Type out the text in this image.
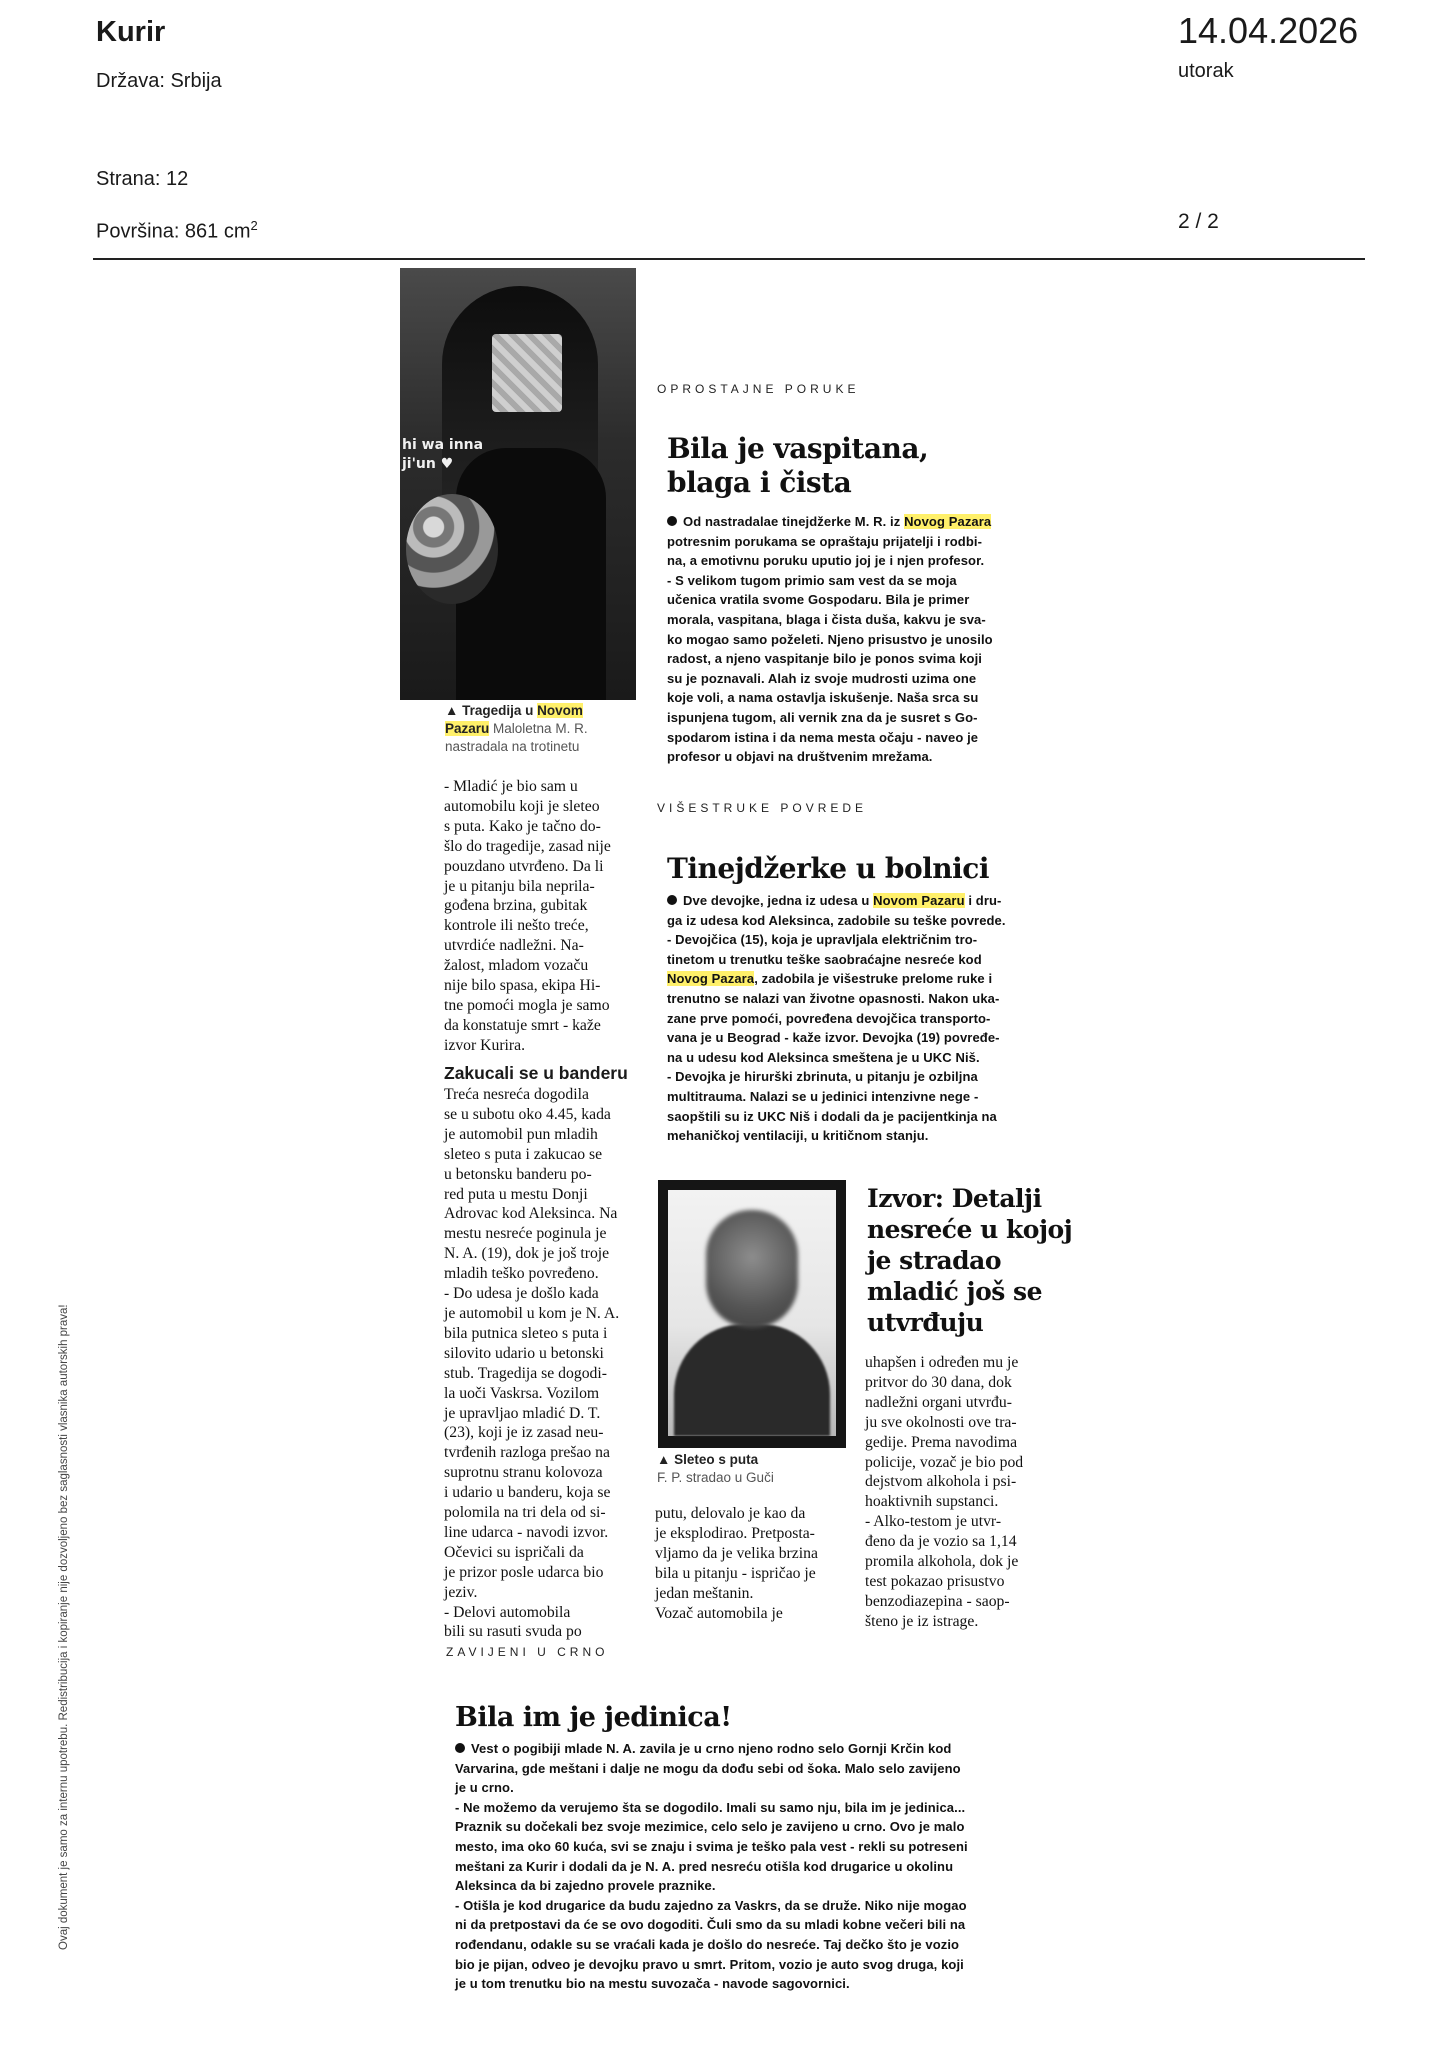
Kurir
Država: Srbija
14.04.2026
utorak
Strana: 12
Površina: 861 $cm^2$	2 / 2
Ovaj dokument je samo za internu upotrebu. Redistribucija i kopiranje nije dozvoljeno bez saglasnosti vlasnika autorskih prava!
hi wa inna
ji'un ♥
▲ Tragedija u Novom
Pazaru Maloletna M. R.
nastradala na trotinetu
OPROSTAJNE PORUKE
Bila je vaspitana,
blaga i čista
Od nastradalae tinejdžerke M. R. iz Novog Pazara
potresnim porukama se opraštaju prijatelji i rodbi-
na, a emotivnu poruku uputio joj je i njen profesor.
- S velikom tugom primio sam vest da se moja
učenica vratila svome Gospodaru. Bila je primer
morala, vaspitana, blaga i čista duša, kakvu je sva-
ko mogao samo poželeti. Njeno prisustvo je unosilo
radost, a njeno vaspitanje bilo je ponos svima koji
su je poznavali. Alah iz svoje mudrosti uzima one
koje voli, a nama ostavlja iskušenje. Naša srca su
ispunjena tugom, ali vernik zna da je susret s Go-
spodarom istina i da nema mesta očaju - naveo je
profesor u objavi na društvenim mrežama.
VIŠESTRUKE POVREDE
Tinejdžerke u bolnici
Dve devojke, jedna iz udesa u Novom Pazaru i dru-
ga iz udesa kod Aleksinca, zadobile su teške povrede.
- Devojčica (15), koja je upravljala električnim tro-
tinetom u trenutku teške saobraćajne nesreće kod
Novog Pazara, zadobila je višestruke prelome ruke i
trenutno se nalazi van životne opasnosti. Nakon uka-
zane prve pomoći, povređena devojčica transporto-
vana je u Beograd - kaže izvor. Devojka (19) povređe-
na u udesu kod Aleksinca smeštena je u UKC Niš.
- Devojka je hirurški zbrinuta, u pitanju je ozbiljna
multitrauma. Nalazi se u jedinici intenzivne nege -
saopštili su iz UKC Niš i dodali da je pacijentkinja na
mehaničkoj ventilaciji, u kritičnom stanju.
- Mladić je bio sam u
automobilu koji je sleteo
s puta. Kako je tačno do-
šlo do tragedije, zasad nije
pouzdano utvrđeno. Da li
je u pitanju bila neprila-
gođena brzina, gubitak
kontrole ili nešto treće,
utvrdiće nadležni. Na-
žalost, mladom vozaču
nije bilo spasa, ekipa Hi-
tne pomoći mogla je samo
da konstatuje smrt - kaže
izvor Kurira.
Zakucali se u banderu
Treća nesreća dogodila
se u subotu oko 4.45, kada
je automobil pun mladih
sleteo s puta i zakucao se
u betonsku banderu po-
red puta u mestu Donji
Adrovac kod Aleksinca. Na
mestu nesreće poginula je
N. A. (19), dok je još troje
mladih teško povređeno.
- Do udesa je došlo kada
je automobil u kom je N. A.
bila putnica sleteo s puta i
silovito udario u betonski
stub. Tragedija se dogodi-
la uoči Vaskrsa. Vozilom
je upravljao mladić D. T.
(23), koji je iz zasad neu-
tvrđenih razloga prešao na
suprotnu stranu kolovoza
i udario u banderu, koja se
polomila na tri dela od si-
line udarca - navodi izvor.
Očevici su ispričali da
je prizor posle udarca bio
jeziv.
- Delovi automobila
bili su rasuti svuda po
▲ Sleteo s puta
F. P. stradao u Guči
putu, delovalo je kao da
je eksplodirao. Pretposta-
vljamo da je velika brzina
bila u pitanju - ispričao je
jedan meštanin.
Vozač automobila je
Izvor: Detalji
nesreće u kojoj
je stradao
mladić još se
utvrđuju
uhapšen i određen mu je
pritvor do 30 dana, dok
nadležni organi utvrđu-
ju sve okolnosti ove tra-
gedije. Prema navodima
policije, vozač je bio pod
dejstvom alkohola i psi-
hoaktivnih supstanci.
- Alko-testom je utvr-
đeno da je vozio sa 1,14
promila alkohola, dok je
test pokazao prisustvo
benzodiazepina - saop-
šteno je iz istrage.
ZAVIJENI U CRNO
Bila im je jedinica!
Vest o pogibiji mlade N. A. zavila je u crno njeno rodno selo Gornji Krčin kod
Varvarina, gde meštani i dalje ne mogu da dođu sebi od šoka. Malo selo zavijeno
je u crno.
- Ne možemo da verujemo šta se dogodilo. Imali su samo nju, bila im je jedinica...
Praznik su dočekali bez svoje mezimice, celo selo je zavijeno u crno. Ovo je malo
mesto, ima oko 60 kuća, svi se znaju i svima je teško pala vest - rekli su potreseni
meštani za Kurir i dodali da je N. A. pred nesreću otišla kod drugarice u okolinu
Aleksinca da bi zajedno provele praznike.
- Otišla je kod drugarice da budu zajedno za Vaskrs, da se druže. Niko nije mogao
ni da pretpostavi da će se ovo dogoditi. Čuli smo da su mladi kobne večeri bili na
rođendanu, odakle su se vraćali kada je došlo do nesreće. Taj dečko što je vozio
bio je pijan, odveo je devojku pravo u smrt. Pritom, vozio je auto svog druga, koji
je u tom trenutku bio na mestu suvozača - navode sagovornici.
